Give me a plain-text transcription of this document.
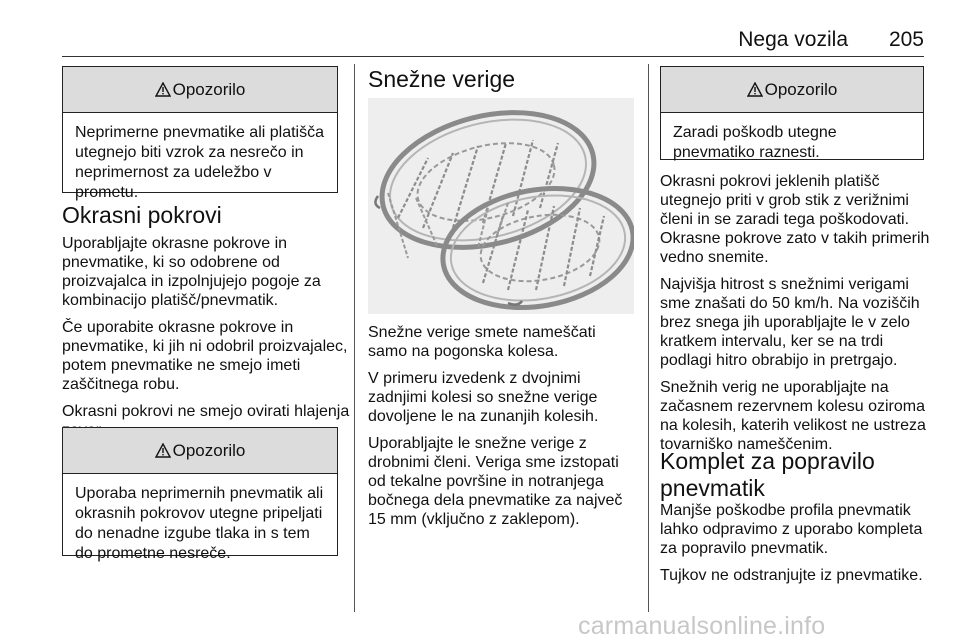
Nega vozila 205
Opozorilo
Neprimerne pnevmatike ali platišča utegnejo biti vzrok za nesrečo in neprimernost za udeležbo v prometu.
Okrasni pokrovi

Uporabljajte okrasne pokrove in pnevmatike, ki so odobrene od proizvajalca in izpolnjujejo pogoje za kombinacijo platišč/pnevmatik.

Če uporabite okrasne pokrove in pnevmatike, ki jih ni odobril proizvajalec, potem pnevmatike ne smejo imeti zaščitnega robu.

Okrasni pokrovi ne smejo ovirati hlajenja

Opozorilo
Uporaba neprimernih pnevmatik ali okrasnih pokrovov utegne pripeljati do nenadne izgube tlaka in s tem do prometne nesreče.
Snežne verige

Snežne verige smete nameščati samo na pogonska kolesa.

V primeru izvedenk z dvojnimi zadnjimi kolesi so snežne verige dovoljene le na zunanjih kolesih.

Uporabljajte le snežne verige z drobnimi členi. Veriga sme izstopati od tekalne površine in notranjega bočnega dela pnevmatike za največ 15 mm (vključno z zaklepom).

Opozorilo
Zaradi poškodb utegne pnevmatiko raznesti.

Okrasni pokrovi jeklenih platišč utegnejo priti v grob stik z verižnimi členi in se zaradi tega poškodovati. Okrasne pokrove zato v takih primerih vedno snemite.

Najvišja hitrost s snežnimi verigami sme znašati do 50 km/h. Na voziščih brez snega jih uporabljajte le v zelo kratkem intervalu, ker se na trdi podlagi hitro obrabijo in pretrgajo.

Snežnih verig ne uporabljajte na začasnem rezervnem kolesu oziroma na kolesih, katerih velikost ne ustreza tovarniško nameščenim.

Komplet za popravilo pnevmatik

Manjše poškodbe profila pnevmatik lahko odpravimo z uporabo kompleta za popravilo pnevmatik.

Tujkov ne odstranjujte iz pnevmatike.

carmanualsonline.info
